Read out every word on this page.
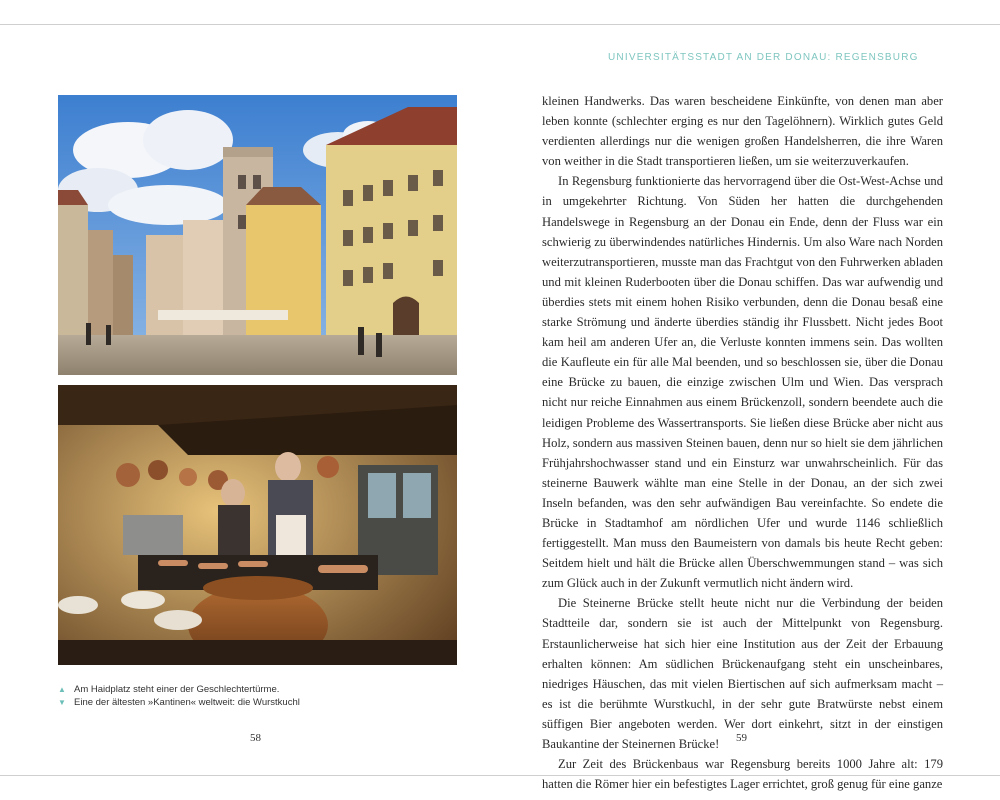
UNIVERSITÄTSSTADT AN DER DONAU: REGENSBURG
▲ Am Haidplatz steht einer der Geschlechtertürme.
▼ Eine der ältesten »Kantinen« weltweit: die Wurstkuchl
58	59

kleinen Handwerks. Das waren bescheidene Einkünfte, von denen man aber leben konnte (schlechter erging es nur den Tagelöhnern). Wirklich gutes Geld verdienten allerdings nur die wenigen großen Handelsherren, die ihre Waren von weither in die Stadt transportieren ließen, um sie weiterzuverkaufen.

In Regensburg funktionierte das hervorragend über die Ost-West-Achse und in umgekehrter Richtung. Von Süden her hatten die durchgehenden Handelswege in Regensburg an der Donau ein Ende, denn der Fluss war ein schwierig zu überwindendes natürliches Hindernis. Um also Ware nach Norden weiterzutransportieren, musste man das Frachtgut von den Fuhrwerken abladen und mit kleinen Ruderbooten über die Donau schiffen. Das war aufwendig und überdies stets mit einem hohen Risiko verbunden, denn die Donau besaß eine starke Strömung und änderte überdies ständig ihr Flussbett. Nicht jedes Boot kam heil am anderen Ufer an, die Verluste konnten immens sein. Das wollten die Kaufleute ein für alle Mal beenden, und so beschlossen sie, über die Donau eine Brücke zu bauen, die einzige zwischen Ulm und Wien. Das versprach nicht nur reiche Einnahmen aus einem Brückenzoll, sondern beendete auch die leidigen Probleme des Wassertransports. Sie ließen diese Brücke aber nicht aus Holz, sondern aus massiven Steinen bauen, denn nur so hielt sie dem jährlichen Frühjahrshochwasser stand und ein Einsturz war unwahrscheinlich. Für das steinerne Bauwerk wählte man eine Stelle in der Donau, an der sich zwei Inseln befanden, was den sehr aufwändigen Bau vereinfachte. So endete die Brücke in Stadtamhof am nördlichen Ufer und wurde 1146 schließlich fertiggestellt. Man muss den Baumeistern von damals bis heute Recht geben: Seitdem hielt und hält die Brücke allen Überschwemmungen stand – was sich zum Glück auch in der Zukunft vermutlich nicht ändern wird.

Die Steinerne Brücke stellt heute nicht nur die Verbindung der beiden Stadtteile dar, sondern sie ist auch der Mittelpunkt von Regensburg. Erstaunlicherweise hat sich hier eine Institution aus der Zeit der Erbauung erhalten können: Am südlichen Brückenaufgang steht ein unscheinbares, niedriges Häuschen, das mit vielen Biertischen auf sich aufmerksam macht – es ist die berühmte Wurstkuchl, in der sehr gute Bratwürste nebst einem süffigen Bier angeboten werden. Wer dort einkehrt, sitzt in der einstigen Baukantine der Steinernen Brücke!

Zur Zeit des Brückenbaus war Regensburg bereits 1000 Jahre alt: 179 hatten die Römer hier ein befestigtes Lager errichtet, groß genug für eine ganze
